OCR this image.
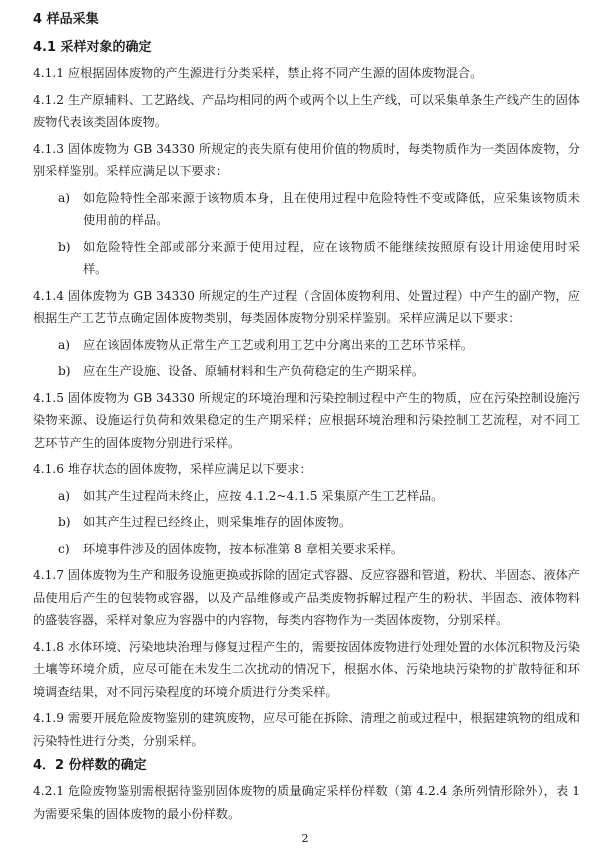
4 样品采集
4.1 采样对象的确定
4.1.1 应根据固体废物的产生源进行分类采样，禁止将不同产生源的固体废物混合。
4.1.2 生产原辅料、工艺路线、产品均相同的两个或两个以上生产线，可以采集单条生产线产生的固体废物代表该类固体废物。
4.1.3 固体废物为 GB 34330 所规定的丧失原有使用价值的物质时，每类物质作为一类固体废物，分别采样鉴别。采样应满足以下要求：
a) 如危险特性全部来源于该物质本身，且在使用过程中危险特性不变或降低，应采集该物质未使用前的样品。
b) 如危险特性全部或部分来源于使用过程，应在该物质不能继续按照原有设计用途使用时采样。
4.1.4 固体废物为 GB 34330 所规定的生产过程（含固体废物利用、处置过程）中产生的副产物，应根据生产工艺节点确定固体废物类别，每类固体废物分别采样鉴别。采样应满足以下要求：
a) 应在该固体废物从正常生产工艺或利用工艺中分离出来的工艺环节采样。
b) 应在生产设施、设备、原辅材料和生产负荷稳定的生产期采样。
4.1.5 固体废物为 GB 34330 所规定的环境治理和污染控制过程中产生的物质，应在污染控制设施污染物来源、设施运行负荷和效果稳定的生产期采样；应根据环境治理和污染控制工艺流程，对不同工艺环节产生的固体废物分别进行采样。
4.1.6 堆存状态的固体废物，采样应满足以下要求：
a) 如其产生过程尚未终止，应按 4.1.2~4.1.5 采集原产生工艺样品。
b) 如其产生过程已经终止，则采集堆存的固体废物。
c) 环境事件涉及的固体废物，按本标准第 8 章相关要求采样。
4.1.7 固体废物为生产和服务设施更换或拆除的固定式容器、反应容器和管道，粉状、半固态、液体产品使用后产生的包装物或容器，以及产品维修或产品类废物拆解过程产生的粉状、半固态、液体物料的盛装容器，采样对象应为容器中的内容物，每类内容物作为一类固体废物，分别采样。
4.1.8 水体环境、污染地块治理与修复过程产生的，需要按固体废物进行处理处置的水体沉积物及污染土壤等环境介质，应尽可能在未发生二次扰动的情况下，根据水体、污染地块污染物的扩散特征和环境调查结果，对不同污染程度的环境介质进行分类采样。
4.1.9 需要开展危险废物鉴别的建筑废物，应尽可能在拆除、清理之前或过程中，根据建筑物的组成和污染特性进行分类，分别采样。
4．2 份样数的确定
4.2.1 危险废物鉴别需根据待鉴别固体废物的质量确定采样份样数（第 4.2.4 条所列情形除外），表 1 为需要采集的固体废物的最小份样数。
2
